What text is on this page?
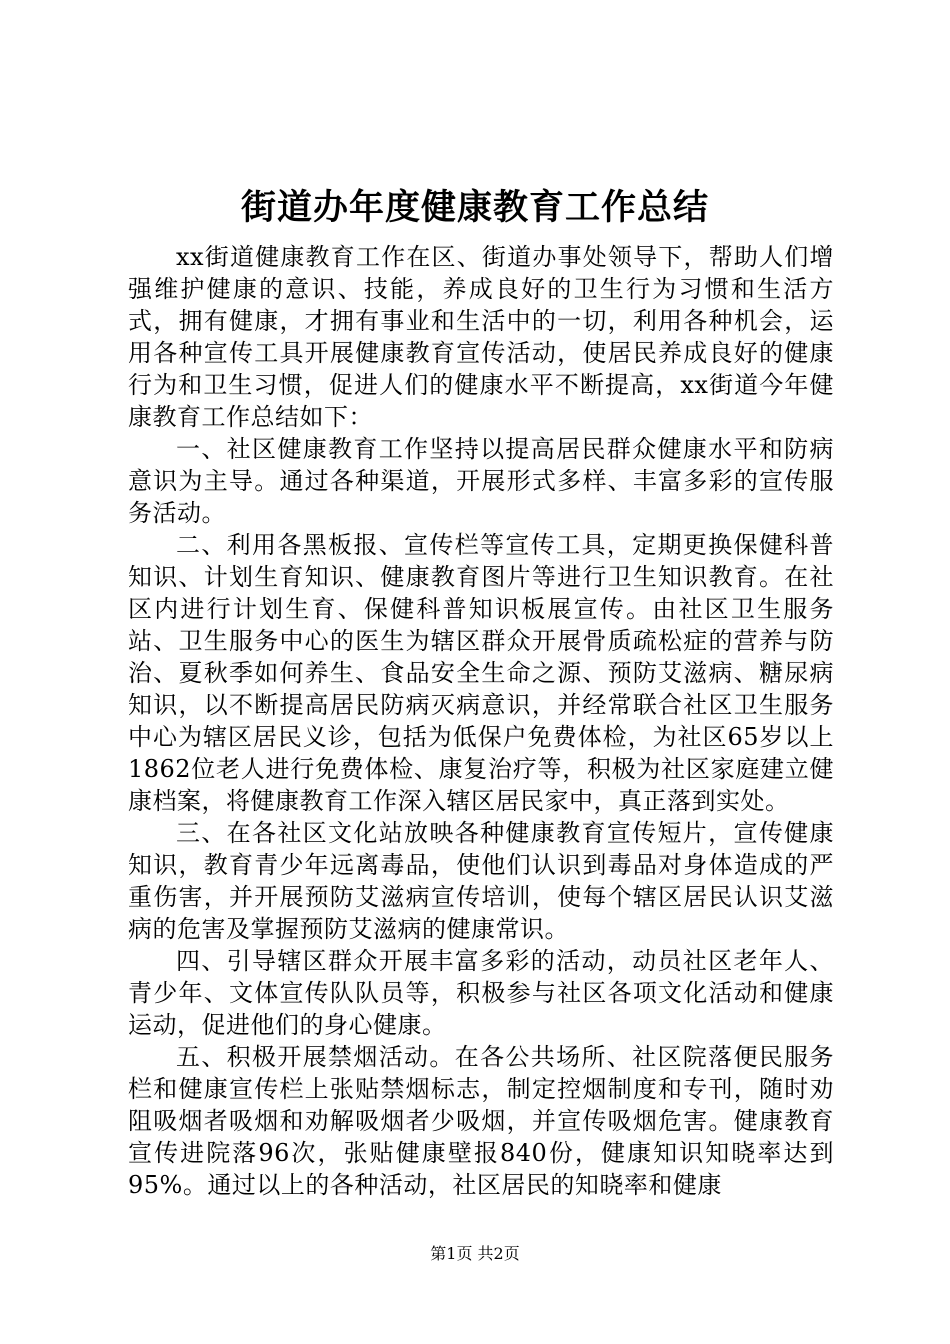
街道办年度健康教育工作总结

xx街道健康教育工作在区、街道办事处领导下，帮助人们增强维护健康的意识、技能，养成良好的卫生行为习惯和生活方式，拥有健康，才拥有事业和生活中的一切，利用各种机会，运用各种宣传工具开展健康教育宣传活动，使居民养成良好的健康行为和卫生习惯，促进人们的健康水平不断提高，xx街道今年健康教育工作总结如下：

一、社区健康教育工作坚持以提高居民群众健康水平和防病意识为主导。通过各种渠道，开展形式多样、丰富多彩的宣传服务活动。

二、利用各黑板报、宣传栏等宣传工具，定期更换保健科普知识、计划生育知识、健康教育图片等进行卫生知识教育。在社区内进行计划生育、保健科普知识板展宣传。由社区卫生服务站、卫生服务中心的医生为辖区群众开展骨质疏松症的营养与防治、夏秋季如何养生、食品安全生命之源、预防艾滋病、糖尿病知识，以不断提高居民防病灭病意识，并经常联合社区卫生服务中心为辖区居民义诊，包括为低保户免费体检，为社区65岁以上1862位老人进行免费体检、康复治疗等，积极为社区家庭建立健康档案，将健康教育工作深入辖区居民家中，真正落到实处。

三、在各社区文化站放映各种健康教育宣传短片，宣传健康知识，教育青少年远离毒品，使他们认识到毒品对身体造成的严重伤害，并开展预防艾滋病宣传培训，使每个辖区居民认识艾滋病的危害及掌握预防艾滋病的健康常识。

四、引导辖区群众开展丰富多彩的活动，动员社区老年人、青少年、文体宣传队队员等，积极参与社区各项文化活动和健康运动，促进他们的身心健康。

五、积极开展禁烟活动。在各公共场所、社区院落便民服务栏和健康宣传栏上张贴禁烟标志，制定控烟制度和专刊，随时劝阻吸烟者吸烟和劝解吸烟者少吸烟，并宣传吸烟危害。健康教育宣传进院落96次，张贴健康壁报840份，健康知识知晓率达到95%。通过以上的各种活动，社区居民的知晓率和健康

第1页 共2页
